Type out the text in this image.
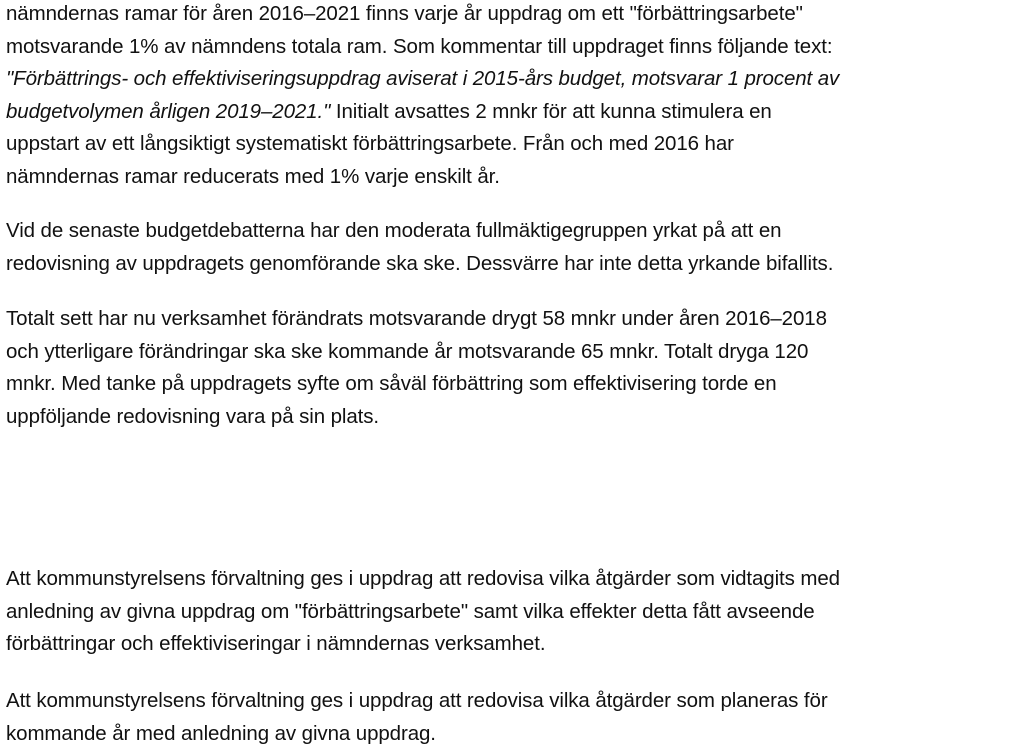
nämndernas ramar för åren 2016–2021 finns varje år uppdrag om ett "förbättringsarbete"
motsvarande 1% av nämndens totala ram. Som kommentar till uppdraget finns följande text:
"Förbättrings- och effektiviseringsuppdrag aviserat i 2015-års budget, motsvarar 1 procent av
budgetvolymen årligen 2019–2021." Initialt avsattes 2 mnkr för att kunna stimulera en
uppstart av ett långsiktigt systematiskt förbättringsarbete. Från och med 2016 har
nämndernas ramar reducerats med 1% varje enskilt år.

Vid de senaste budgetdebatterna har den moderata fullmäktigegruppen yrkat på att en
redovisning av uppdragets genomförande ska ske. Dessvärre har inte detta yrkande bifallits.

Totalt sett har nu verksamhet förändrats motsvarande drygt 58 mnkr under åren 2016–2018
och ytterligare förändringar ska ske kommande år motsvarande 65 mnkr. Totalt dryga 120
mnkr. Med tanke på uppdragets syfte om såväl förbättring som effektivisering torde en
uppföljande redovisning vara på sin plats.

Att kommunstyrelsens förvaltning ges i uppdrag att redovisa vilka åtgärder som vidtagits med
anledning av givna uppdrag om "förbättringsarbete" samt vilka effekter detta fått avseende
förbättringar och effektiviseringar i nämndernas verksamhet.

Att kommunstyrelsens förvaltning ges i uppdrag att redovisa vilka åtgärder som planeras för
kommande år med anledning av givna uppdrag.
